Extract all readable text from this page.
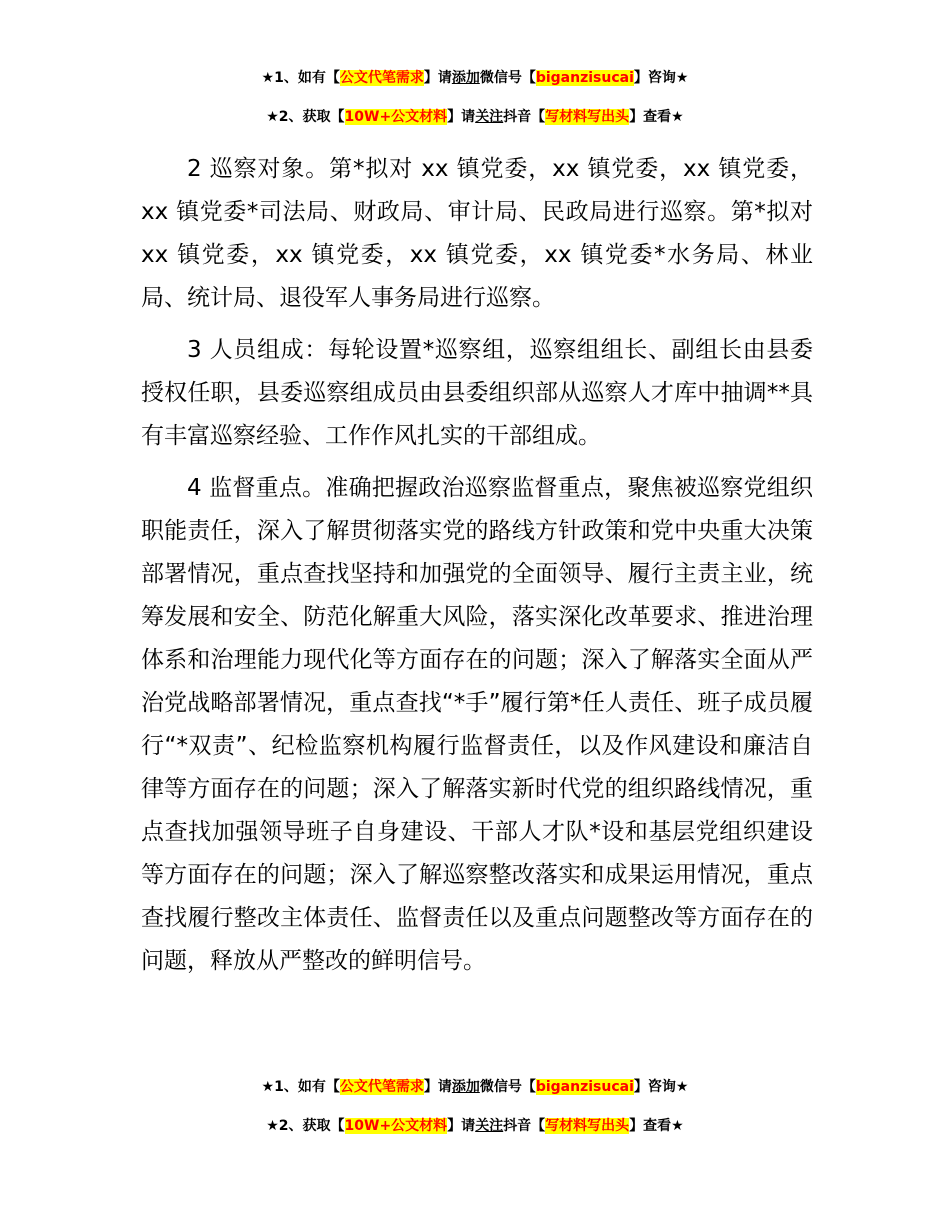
★1、如有【公文代笔需求】请添加微信号【biganzisucai】咨询★
★2、获取【10W+公文材料】请关注抖音【写材料写出头】查看★

2 巡察对象。第*拟对 xx 镇党委，xx 镇党委，xx 镇党委，xx 镇党委*司法局、财政局、审计局、民政局进行巡察。第*拟对 xx 镇党委，xx 镇党委，xx 镇党委，xx 镇党委*水务局、林业局、统计局、退役军人事务局进行巡察。

3 人员组成：每轮设置*巡察组，巡察组组长、副组长由县委授权任职，县委巡察组成员由县委组织部从巡察人才库中抽调**具有丰富巡察经验、工作作风扎实的干部组成。

4 监督重点。准确把握政治巡察监督重点，聚焦被巡察党组织职能责任，深入了解贯彻落实党的路线方针政策和党中央重大决策部署情况，重点查找坚持和加强党的全面领导、履行主责主业，统筹发展和安全、防范化解重大风险，落实深化改革要求、推进治理体系和治理能力现代化等方面存在的问题；深入了解落实全面从严治党战略部署情况，重点查找“*手”履行第*任人责任、班子成员履行“*双责”、纪检监察机构履行监督责任，以及作风建设和廉洁自律等方面存在的问题；深入了解落实新时代党的组织路线情况，重点查找加强领导班子自身建设、干部人才队*设和基层党组织建设等方面存在的问题；深入了解巡察整改落实和成果运用情况，重点查找履行整改主体责任、监督责任以及重点问题整改等方面存在的问题，释放从严整改的鲜明信号。

★1、如有【公文代笔需求】请添加微信号【biganzisucai】咨询★
★2、获取【10W+公文材料】请关注抖音【写材料写出头】查看★
